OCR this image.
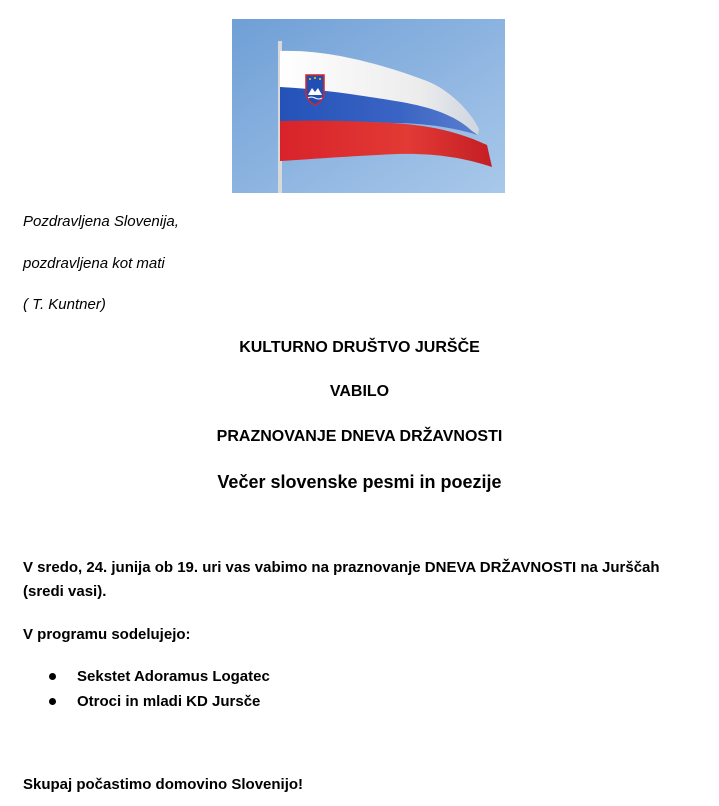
Pozdravljena Slovenija,

pozdravljena kot mati

( T. Kuntner)

KULTURNO DRUŠTVO JURŠČE

VABILO

PRAZNOVANJE DNEVA DRŽAVNOSTI

Večer slovenske pesmi in poezije

V sredo, 24. junija ob 19. uri vas vabimo na praznovanje DNEVA DRŽAVNOSTI na Jurščah (sredi vasi).

V programu sodelujejo:

Sekstet Adoramus Logatec
Otroci in mladi KD Jursče

Skupaj počastimo domovino Slovenijo!
